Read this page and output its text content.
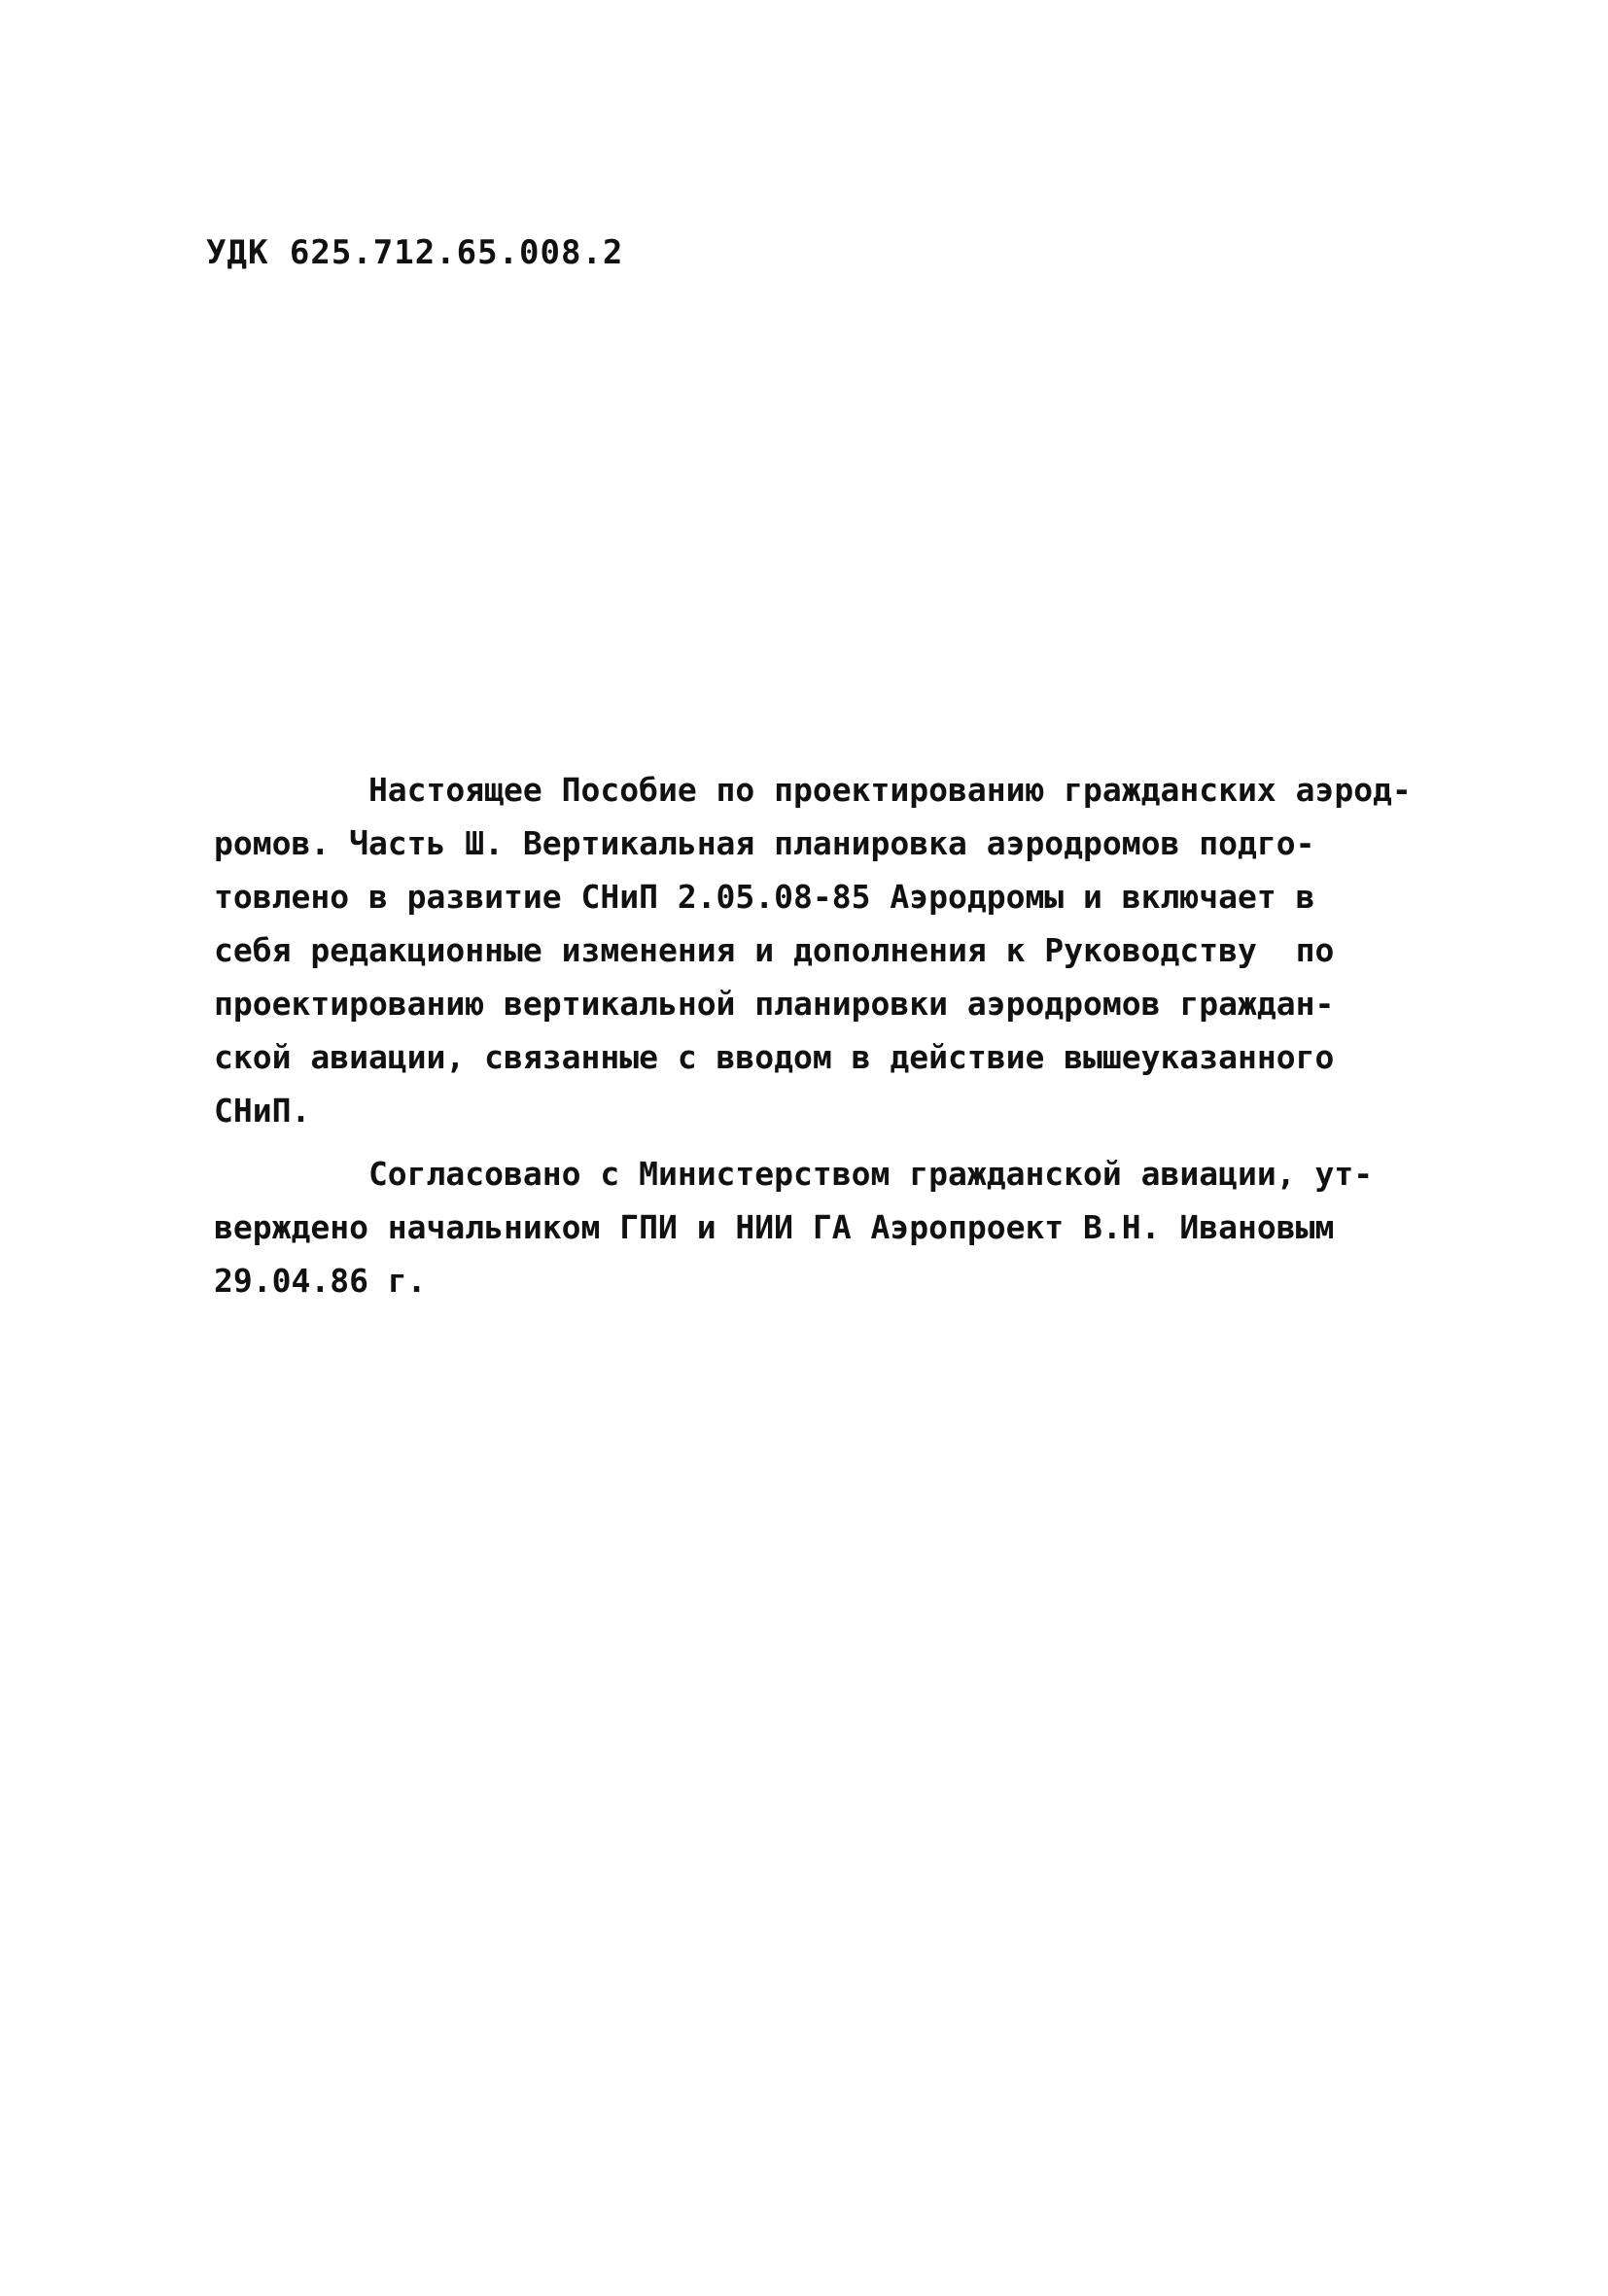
УДК 625.712.65.008.2
Настоящее Пособие по проектированию гражданских аэрод-
ромов. Часть Ш. Вертикальная планировка аэродромов подго-
товлено в развитие СНиП 2.05.08-85 Аэродромы и включает в
себя редакционные изменения и дополнения к Руководству  по
проектированию вертикальной планировки аэродромов граждан-
ской авиации, связанные с вводом в действие вышеуказанного
СНиП.
Согласовано с Министерством гражданской авиации, ут-
верждено начальником ГПИ и НИИ ГА Аэропроект В.Н. Ивановым
29.04.86 г.
